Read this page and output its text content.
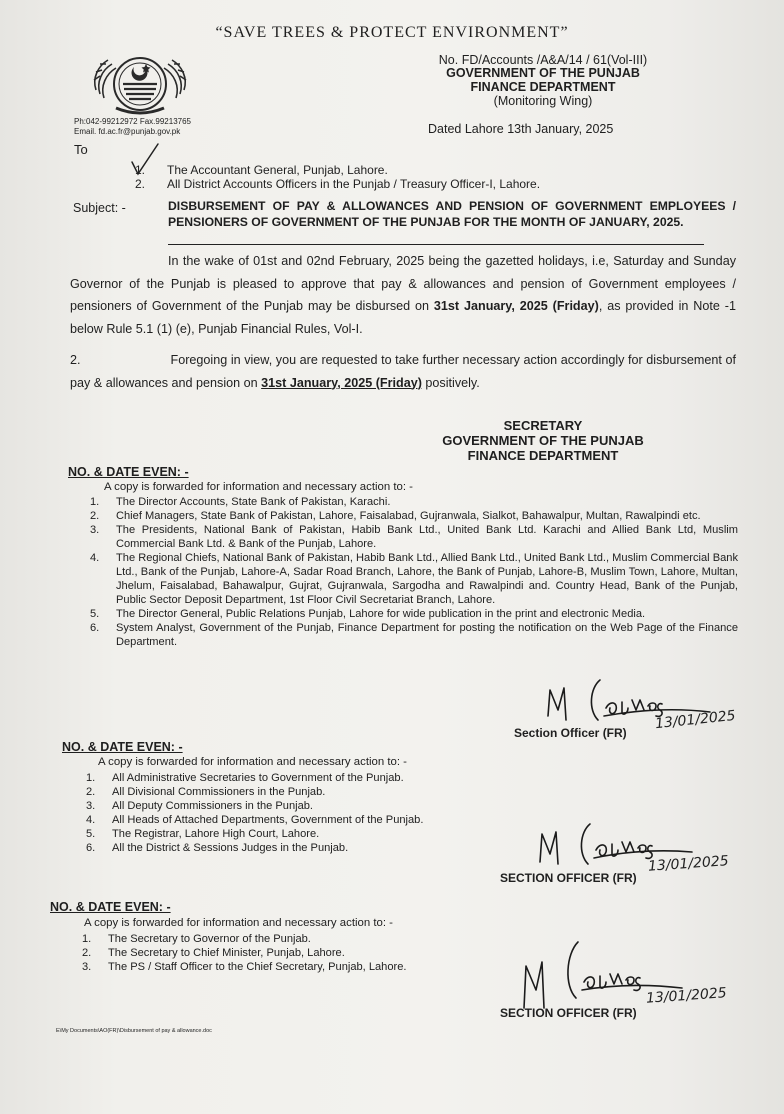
“SAVE TREES & PROTECT ENVIRONMENT”
No. FD/Accounts /A&A/14 / 61(Vol-III)
GOVERNMENT OF THE PUNJAB
FINANCE DEPARTMENT
(Monitoring Wing)
Ph:042-99212972 Fax.99213765
Email. fd.ac.fr@punjab.gov.pk	Dated Lahore 13th January, 2025
To
1. The Accountant General, Punjab, Lahore.
2. All District Accounts Officers in the Punjab / Treasury Officer-I, Lahore.
Subject: -	DISBURSEMENT OF PAY & ALLOWANCES AND PENSION OF GOVERNMENT EMPLOYEES / PENSIONERS OF GOVERNMENT OF THE PUNJAB FOR THE MONTH OF JANUARY, 2025.
In the wake of 01st and 02nd February, 2025 being the gazetted holidays, i.e, Saturday and Sunday Governor of the Punjab is pleased to approve that pay & allowances and pension of Government employees / pensioners of Government of the Punjab may be disbursed on 31st January, 2025 (Friday), as provided in Note -1 below Rule 5.1 (1) (e), Punjab Financial Rules, Vol-I.
2.	Foregoing in view, you are requested to take further necessary action accordingly for disbursement of pay & allowances and pension on 31st January, 2025 (Friday) positively.
SECRETARY
GOVERNMENT OF THE PUNJAB
FINANCE DEPARTMENT
NO. & DATE EVEN: -
A copy is forwarded for information and necessary action to: -
1.	The Director Accounts, State Bank of Pakistan, Karachi.
2.	Chief Managers, State Bank of Pakistan, Lahore, Faisalabad, Gujranwala, Sialkot, Bahawalpur, Multan, Rawalpindi etc.
3.	The Presidents, National Bank of Pakistan, Habib Bank Ltd., United Bank Ltd. Karachi and Allied Bank Ltd, Muslim Commercial Bank Ltd. & Bank of the Punjab, Lahore.
4.	The Regional Chiefs, National Bank of Pakistan, Habib Bank Ltd., Allied Bank Ltd., United Bank Ltd., Muslim Commercial Bank Ltd., Bank of the Punjab, Lahore-A, Sadar Road Branch, Lahore, the Bank of Punjab, Lahore-B, Muslim Town, Lahore, Multan, Jhelum, Faisalabad, Bahawalpur, Gujrat, Gujranwala, Sargodha and Rawalpindi and. Country Head, Bank of the Punjab, Public Sector Deposit Department, 1st Floor Civil Secretariat Branch, Lahore.
5.	The Director General, Public Relations Punjab, Lahore for wide publication in the print and electronic Media.
6.	System Analyst, Government of the Punjab, Finance Department for posting the notification on the Web Page of the Finance Department.
13/01/2025
Section Officer (FR)
NO. & DATE EVEN: -
A copy is forwarded for information and necessary action to: -
1.	All Administrative Secretaries to Government of the Punjab.
2.	All Divisional Commissioners in the Punjab.
3.	All Deputy Commissioners in the Punjab.
4.	All Heads of Attached Departments, Government of the Punjab.
5.	The Registrar, Lahore High Court, Lahore.
6.	All the District & Sessions Judges in the Punjab.
13/01/2025
SECTION OFFICER (FR)
NO. & DATE EVEN: -
A copy is forwarded for information and necessary action to: -
1.	The Secretary to Governor of the Punjab.
2.	The Secretary to Chief Minister, Punjab, Lahore.
3.	The PS / Staff Officer to the Chief Secretary, Punjab, Lahore.
13/01/2025
SECTION OFFICER (FR)
E\My Documents\AO(FR)\Disbursement of pay & allowance.doc
